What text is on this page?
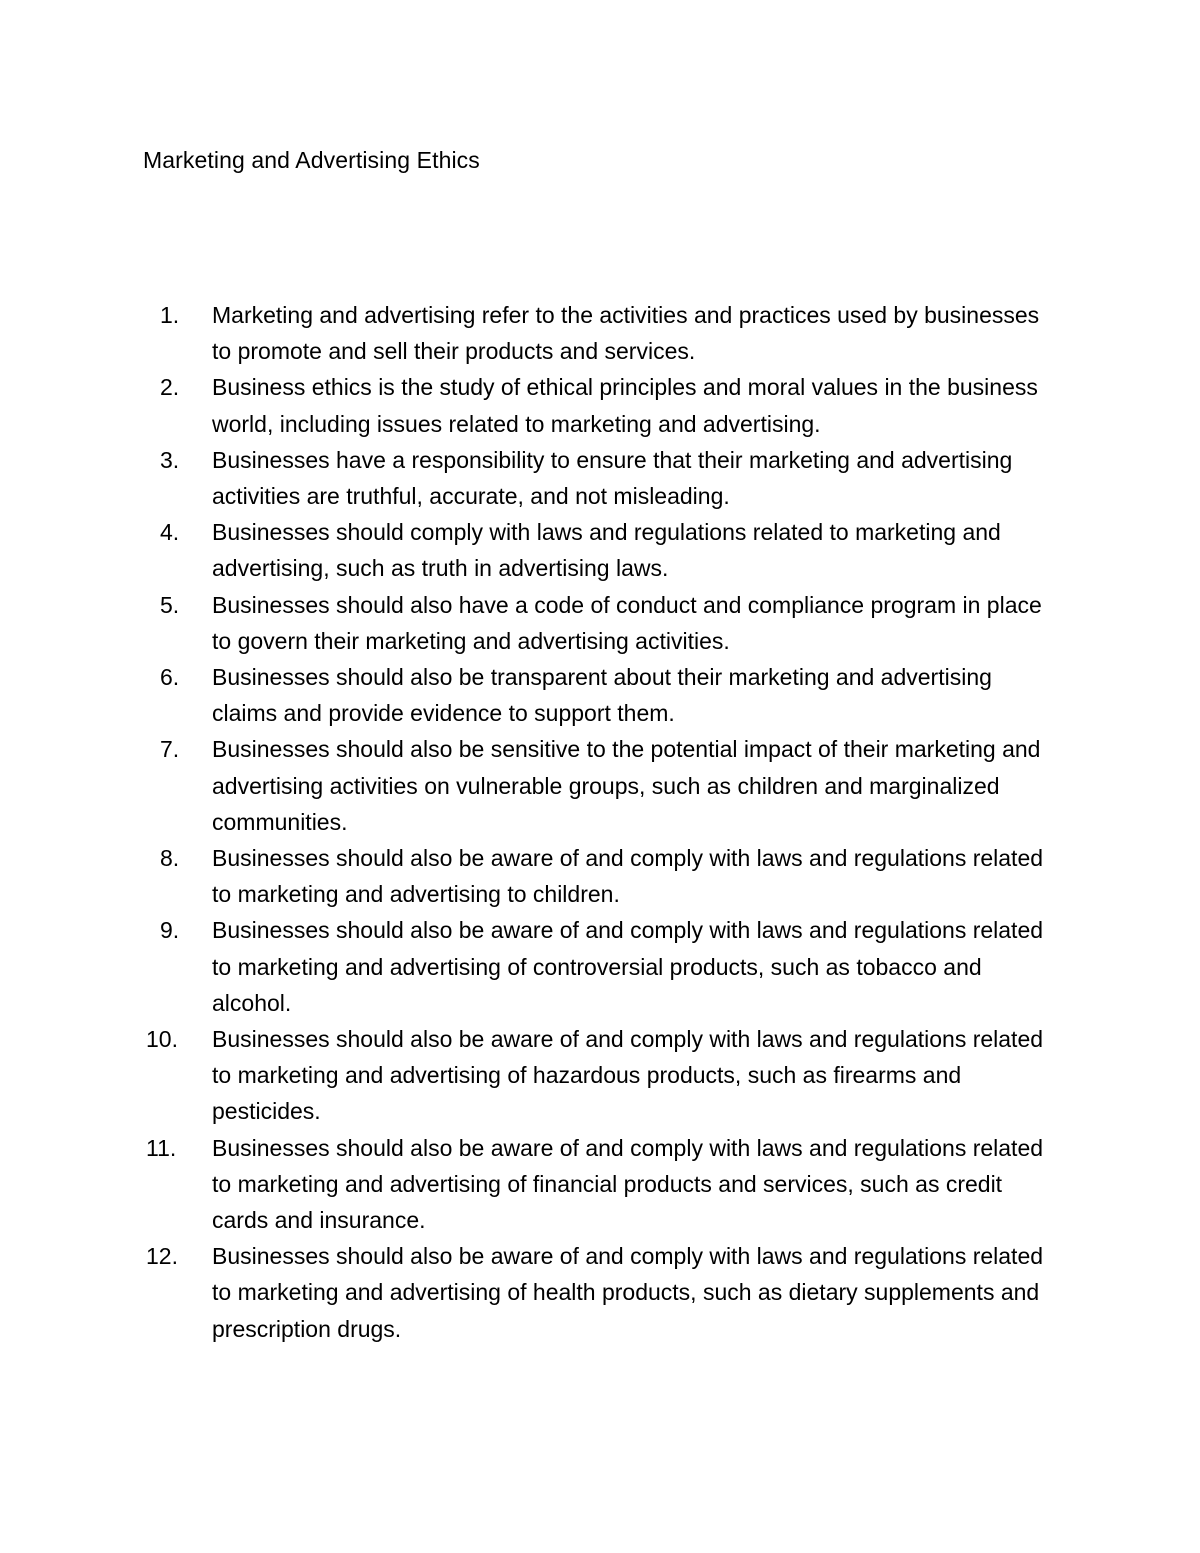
Marketing and Advertising Ethics
1.	Marketing and advertising refer to the activities and practices used by businesses to promote and sell their products and services.
2.	Business ethics is the study of ethical principles and moral values in the business world, including issues related to marketing and advertising.
3.	Businesses have a responsibility to ensure that their marketing and advertising activities are truthful, accurate, and not misleading.
4.	Businesses should comply with laws and regulations related to marketing and advertising, such as truth in advertising laws.
5.	Businesses should also have a code of conduct and compliance program in place to govern their marketing and advertising activities.
6.	Businesses should also be transparent about their marketing and advertising claims and provide evidence to support them.
7.	Businesses should also be sensitive to the potential impact of their marketing and advertising activities on vulnerable groups, such as children and marginalized communities.
8.	Businesses should also be aware of and comply with laws and regulations related to marketing and advertising to children.
9.	Businesses should also be aware of and comply with laws and regulations related to marketing and advertising of controversial products, such as tobacco and alcohol.
10.	Businesses should also be aware of and comply with laws and regulations related to marketing and advertising of hazardous products, such as firearms and pesticides.
11.	Businesses should also be aware of and comply with laws and regulations related to marketing and advertising of financial products and services, such as credit cards and insurance.
12.	Businesses should also be aware of and comply with laws and regulations related to marketing and advertising of health products, such as dietary supplements and prescription drugs.
